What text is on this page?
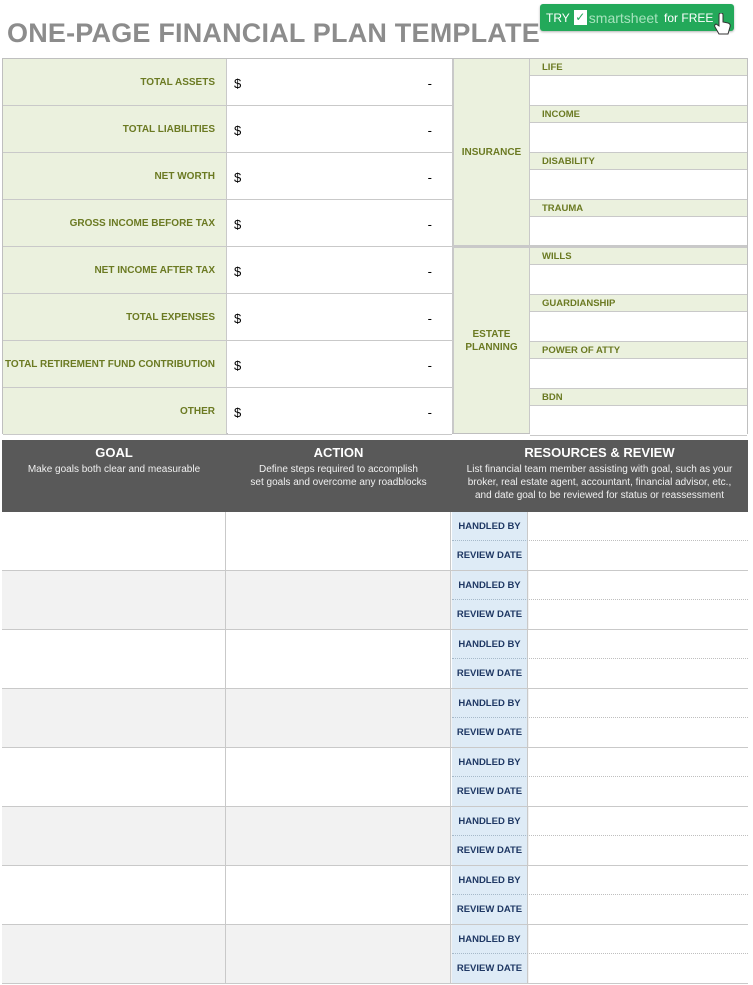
ONE-PAGE FINANCIAL PLAN TEMPLATE
TRY ✓ smartsheet for FREE
TOTAL ASSETS $	-
TOTAL LIABILITIES $	-
NET WORTH $	-
GROSS INCOME BEFORE TAX $	-
NET INCOME AFTER TAX $	-
TOTAL EXPENSES $	-
TOTAL RETIREMENT FUND CONTRIBUTION $	-
OTHER $	-
INSURANCE
LIFE
INCOME
DISABILITY
TRAUMA
ESTATE
PLANNING
WILLS
GUARDIANSHIP
POWER OF ATTY
BDN
GOAL

Make goals both clear and measurable

ACTION

Define steps required to accomplish
set goals and overcome any roadblocks

RESOURCES & REVIEW

List financial team member assisting with goal, such as your
broker, real estate agent, accountant, financial advisor, etc.,
and date goal to be reviewed for status or reassessment

HANDLED BY
REVIEW DATE
HANDLED BY
REVIEW DATE
HANDLED BY
REVIEW DATE
HANDLED BY
REVIEW DATE
HANDLED BY
REVIEW DATE
HANDLED BY
REVIEW DATE
HANDLED BY
REVIEW DATE
HANDLED BY
REVIEW DATE
